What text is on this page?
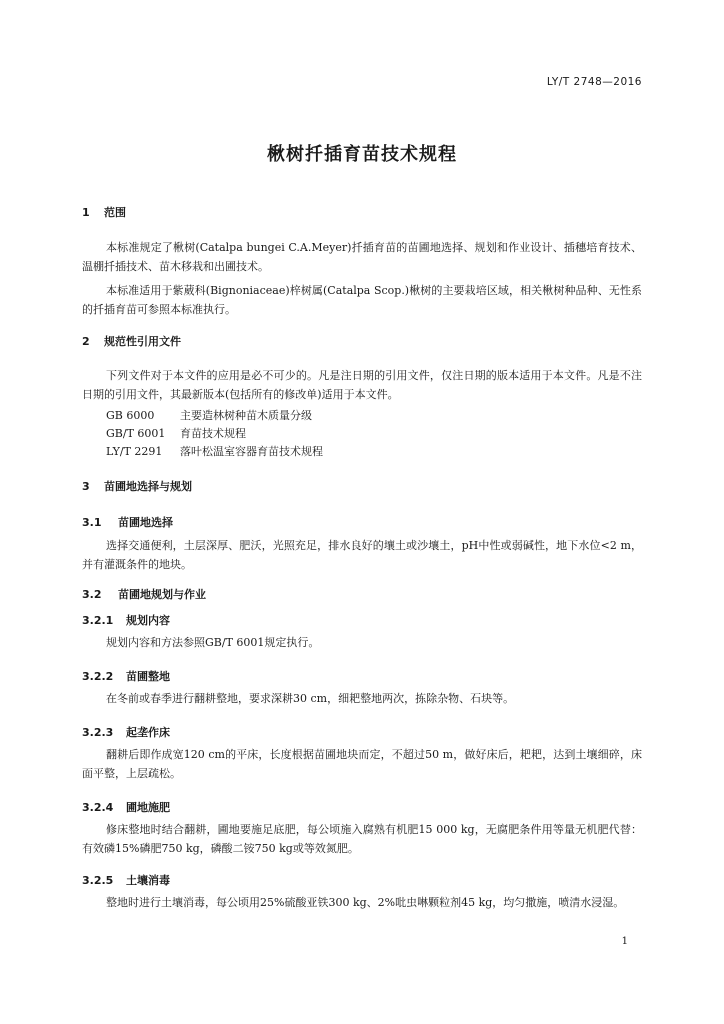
LY/T 2748—2016
楸树扦插育苗技术规程
1 范围

本标准规定了楸树(Catalpa bungei C.A.Meyer)扦插育苗的苗圃地选择、规划和作业设计、插穗培育技术、温棚扦插技术、苗木移栽和出圃技术。

本标准适用于紫葳科(Bignoniaceae)梓树属(Catalpa Scop.)楸树的主要栽培区域，相关楸树种品种、无性系的扦插育苗可参照本标准执行。

2 规范性引用文件

下列文件对于本文件的应用是必不可少的。凡是注日期的引用文件，仅注日期的版本适用于本文件。凡是不注日期的引用文件，其最新版本(包括所有的修改单)适用于本文件。

GB 6000 主要造林树种苗木质量分级
GB/T 6001 育苗技术规程
LY/T 2291 落叶松温室容器育苗技术规程
3 苗圃地选择与规划
3.1 苗圃地选择

选择交通便利，土层深厚、肥沃，光照充足，排水良好的壤土或沙壤土，pH中性或弱碱性，地下水位<2 m，并有灌溉条件的地块。

3.2 苗圃地规划与作业
3.2.1 规划内容

规划内容和方法参照GB/T 6001规定执行。

3.2.2 苗圃整地

在冬前或春季进行翻耕整地，要求深耕30 cm，细耙整地两次，拣除杂物、石块等。

3.2.3 起垄作床

翻耕后即作成宽120 cm的平床，长度根据苗圃地块而定，不超过50 m，做好床后，耙耙，达到土壤细碎，床面平整，上层疏松。

3.2.4 圃地施肥

修床整地时结合翻耕，圃地要施足底肥，每公顷施入腐熟有机肥15 000 kg，无腐肥条件用等量无机肥代替：有效磷15%磷肥750 kg，磷酸二铵750 kg或等效氮肥。

3.2.5 土壤消毒

整地时进行土壤消毒，每公顷用25%硫酸亚铁300 kg、2%吡虫啉颗粒剂45 kg，均匀撒施，喷清水浸湿。

1
